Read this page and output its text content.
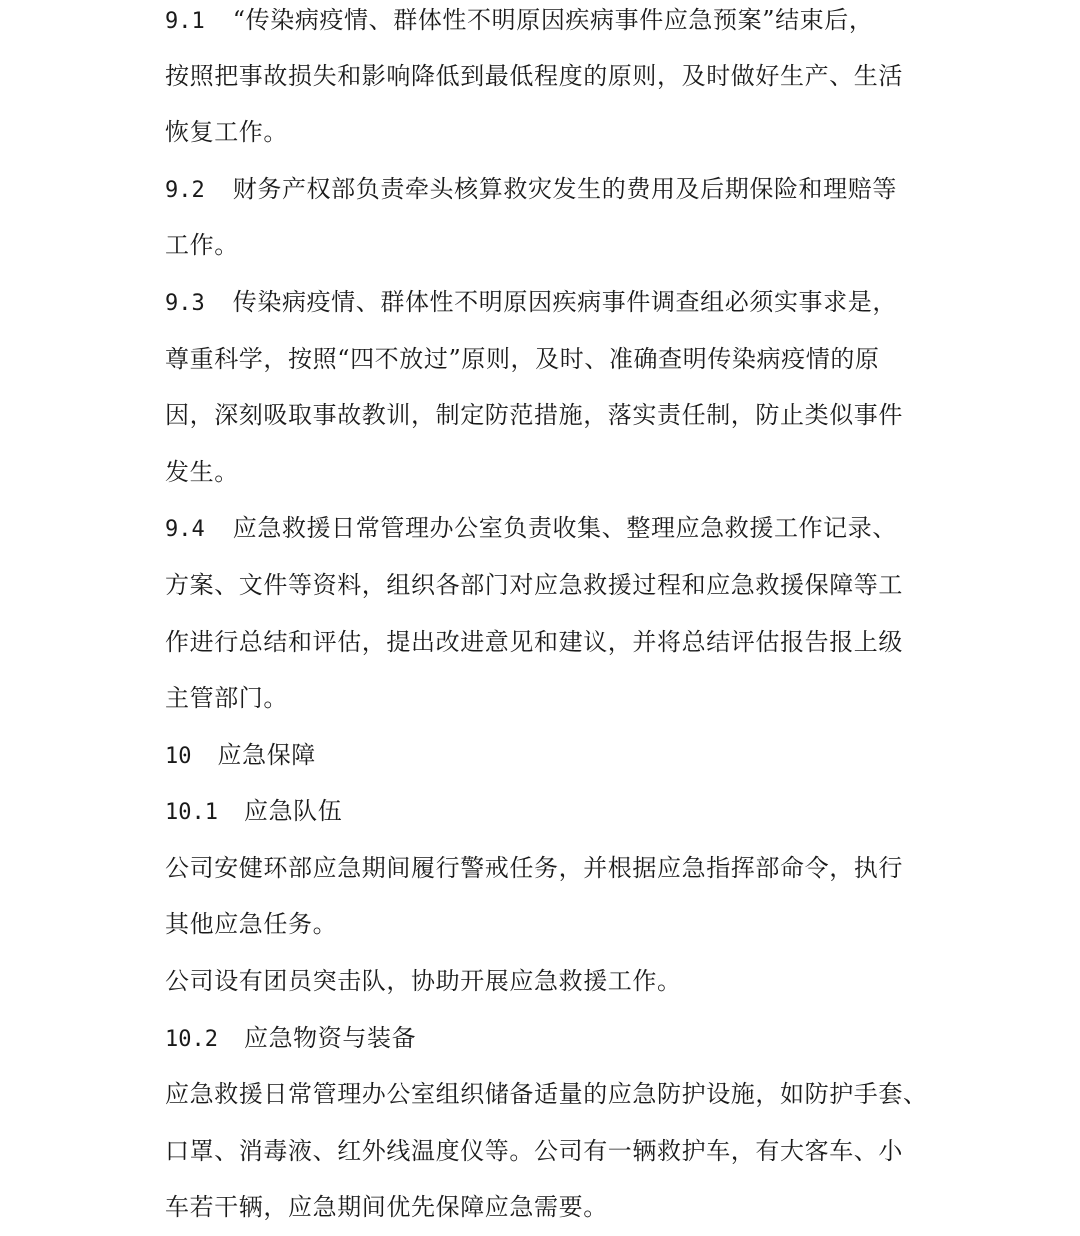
9.1 “传染病疫情、群体性不明原因疾病事件应急预案”结束后，

按照把事故损失和影响降低到最低程度的原则，及时做好生产、生活

恢复工作。

9.2 财务产权部负责牵头核算救灾发生的费用及后期保险和理赔等

工作。

9.3 传染病疫情、群体性不明原因疾病事件调查组必须实事求是，

尊重科学，按照“四不放过”原则，及时、准确查明传染病疫情的原

因，深刻吸取事故教训，制定防范措施，落实责任制，防止类似事件

发生。

9.4 应急救援日常管理办公室负责收集、整理应急救援工作记录、

方案、文件等资料，组织各部门对应急救援过程和应急救援保障等工

作进行总结和评估，提出改进意见和建议，并将总结评估报告报上级

主管部门。

10 应急保障

10.1 应急队伍

公司安健环部应急期间履行警戒任务，并根据应急指挥部命令，执行

其他应急任务。

公司设有团员突击队，协助开展应急救援工作。

10.2 应急物资与装备

应急救援日常管理办公室组织储备适量的应急防护设施，如防护手套、

口罩、消毒液、红外线温度仪等。公司有一辆救护车，有大客车、小

车若干辆，应急期间优先保障应急需要。
